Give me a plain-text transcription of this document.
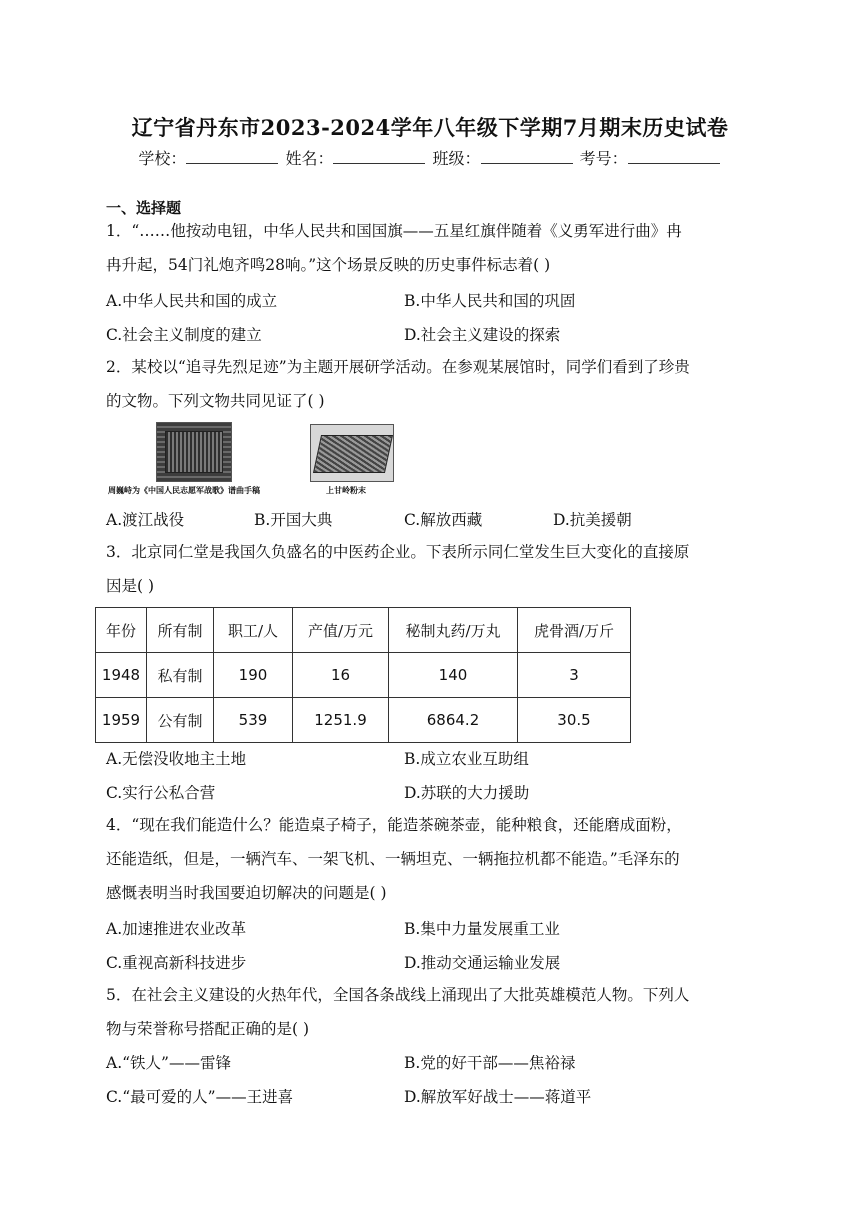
辽宁省丹东市2023-2024学年八年级下学期7月期末历史试卷
学校：	姓名：	班级：	考号：
一、选择题
1．“……他按动电钮，中华人民共和国国旗——五星红旗伴随着《义勇军进行曲》冉
冉升起，54门礼炮齐鸣28响。”这个场景反映的历史事件标志着( )
A.中华人民共和国的成立	B.中华人民共和国的巩固
C.社会主义制度的建立	D.社会主义建设的探索
2．某校以“追寻先烈足迹”为主题开展研学活动。在参观某展馆时，同学们看到了珍贵
的文物。下列文物共同见证了( )
周巍峙为《中国人民志愿军战歌》谱曲手稿	上甘岭粉末
A.渡江战役	B.开国大典	C.解放西藏	D.抗美援朝
3．北京同仁堂是我国久负盛名的中医药企业。下表所示同仁堂发生巨大变化的直接原
因是( )
年份	所有制	职工/人	产值/万元	秘制丸药/万丸	虎骨酒/万斤
1948	私有制	190	16	140	3
1959	公有制	539	1251.9	6864.2	30.5
A.无偿没收地主土地	B.成立农业互助组
C.实行公私合营	D.苏联的大力援助
4．“现在我们能造什么？能造桌子椅子，能造茶碗茶壶，能种粮食，还能磨成面粉，
还能造纸，但是，一辆汽车、一架飞机、一辆坦克、一辆拖拉机都不能造。”毛泽东的
感慨表明当时我国要迫切解决的问题是( )
A.加速推进农业改革	B.集中力量发展重工业
C.重视高新科技进步	D.推动交通运输业发展
5．在社会主义建设的火热年代，全国各条战线上涌现出了大批英雄模范人物。下列人
物与荣誉称号搭配正确的是( )
A.“铁人”——雷锋	B.党的好干部——焦裕禄
C.“最可爱的人”——王进喜	D.解放军好战士——蒋道平
